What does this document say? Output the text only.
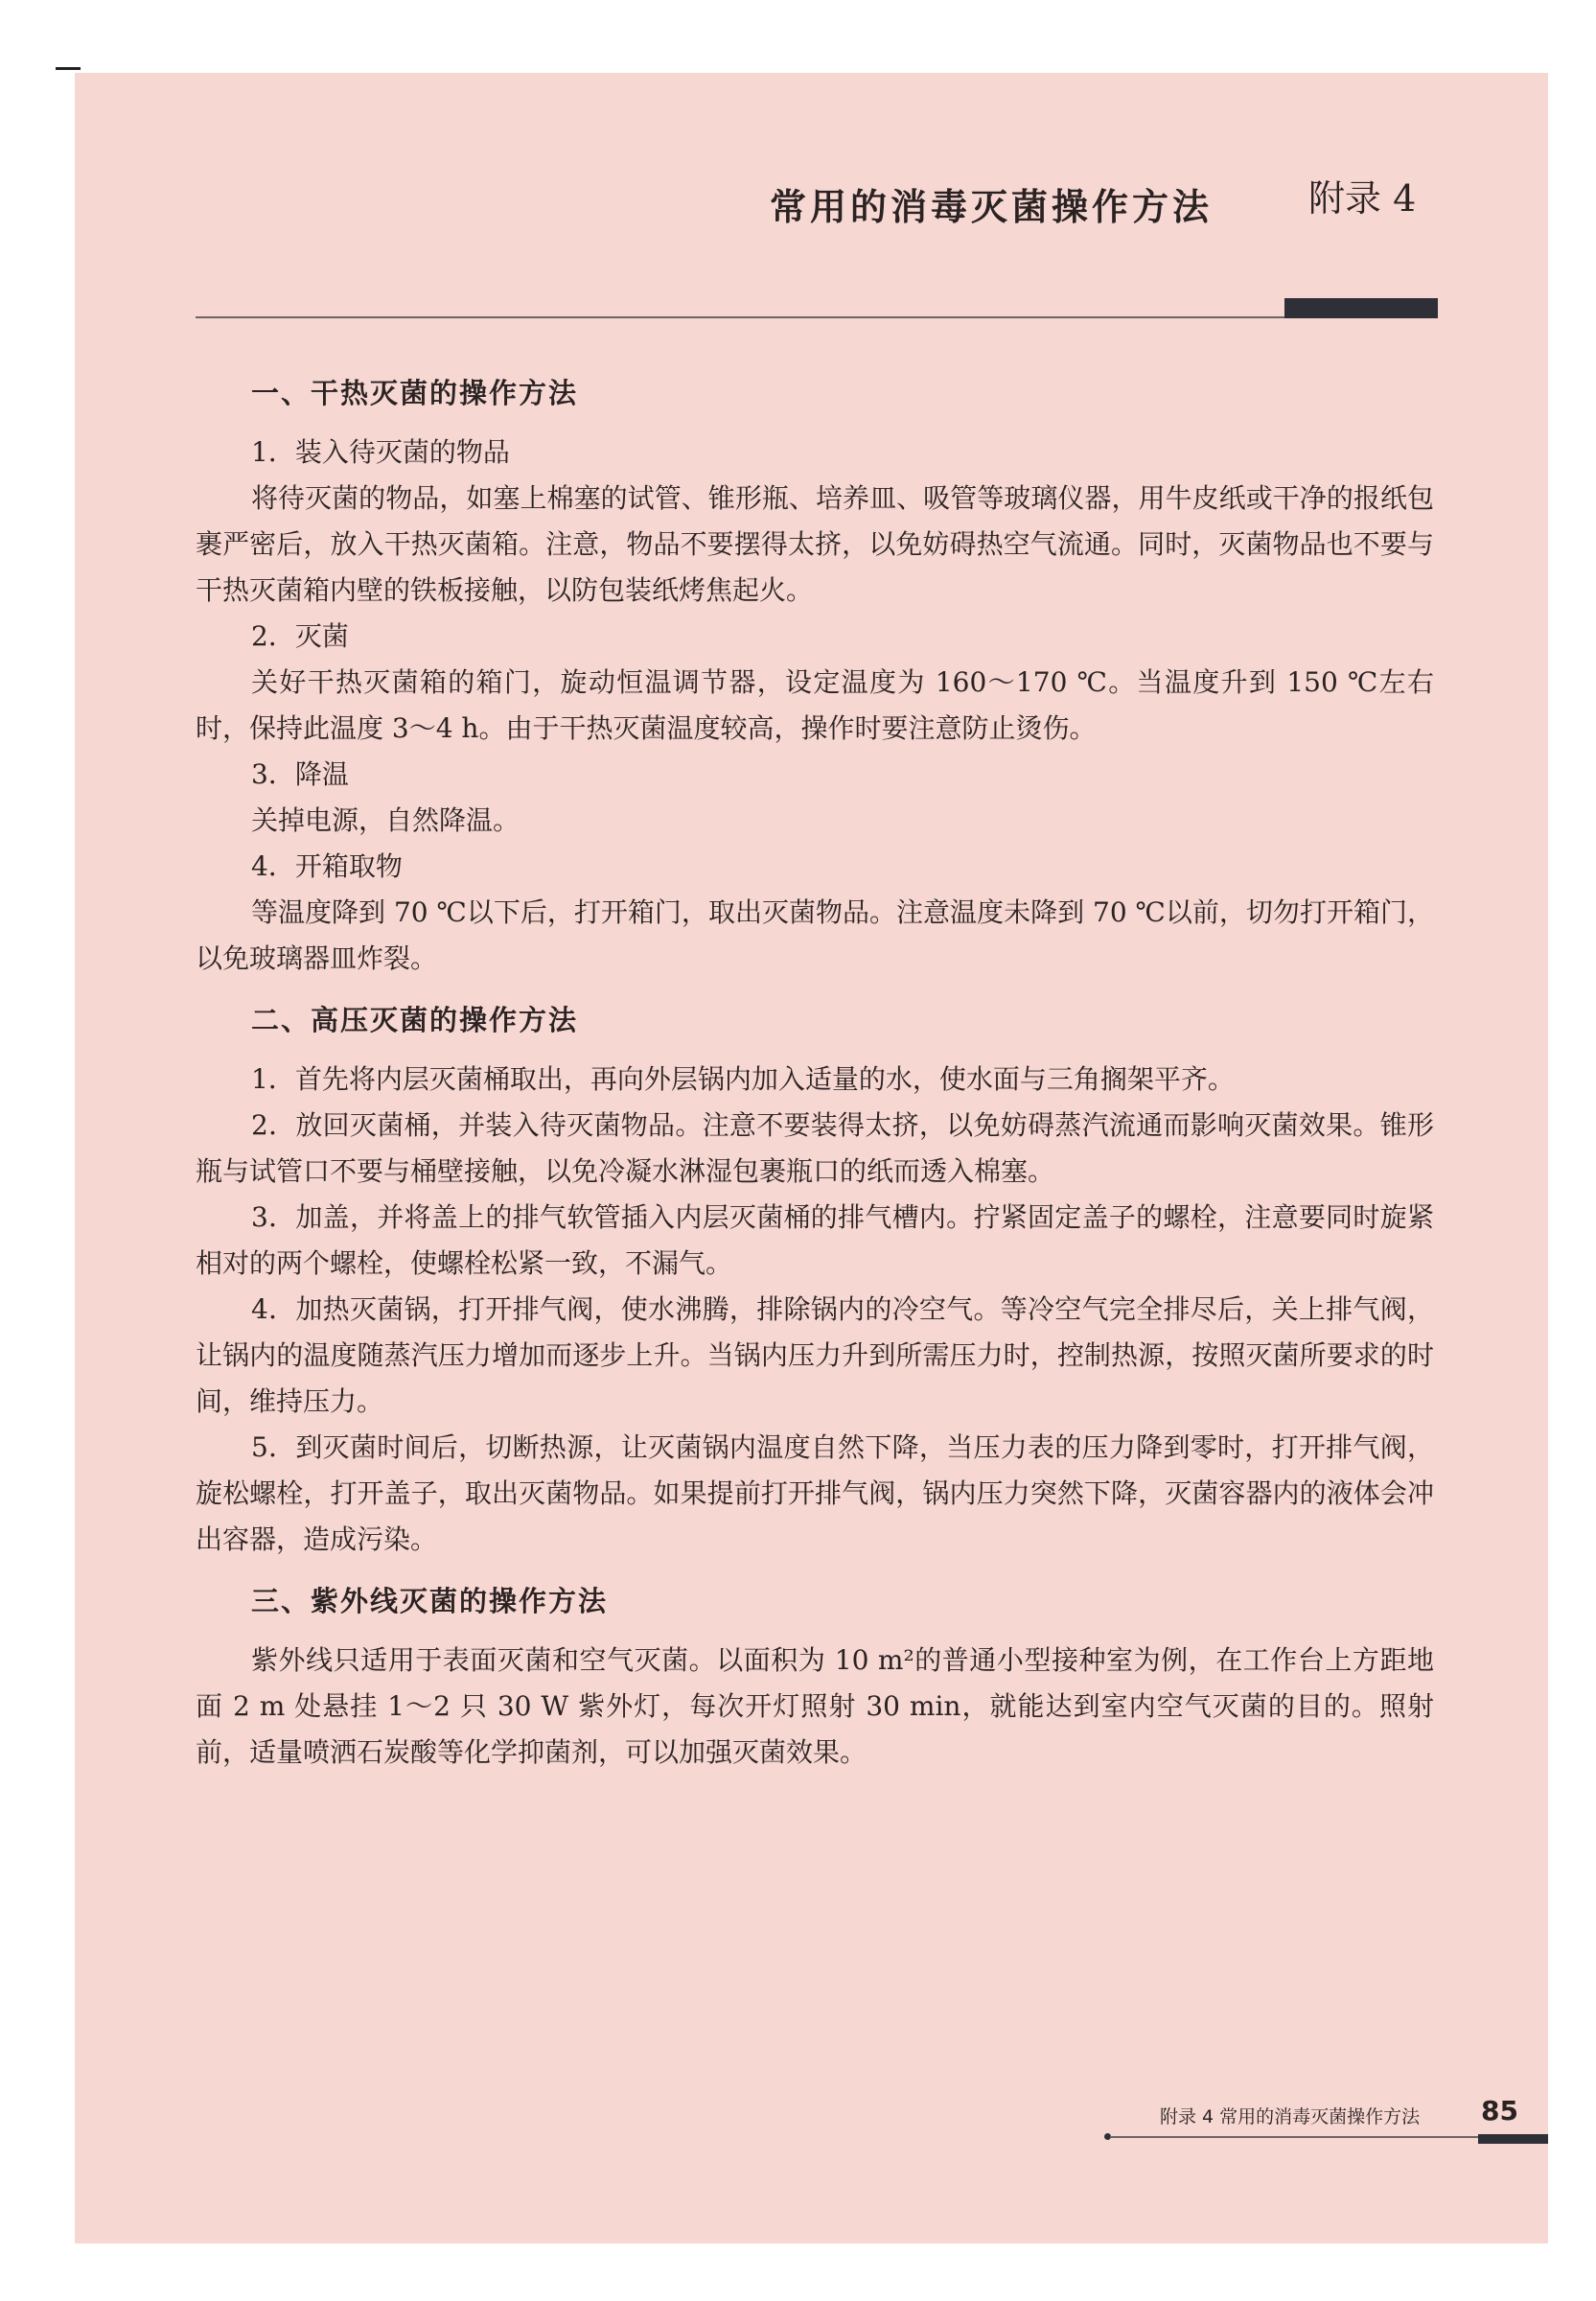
常用的消毒灭菌操作方法	附录 4
一、干热灭菌的操作方法

1．装入待灭菌的物品

将待灭菌的物品，如塞上棉塞的试管、锥形瓶、培养皿、吸管等玻璃仪器，用牛皮纸或干净的报纸包裹严密后，放入干热灭菌箱。注意，物品不要摆得太挤，以免妨碍热空气流通。同时，灭菌物品也不要与干热灭菌箱内壁的铁板接触，以防包装纸烤焦起火。

2．灭菌

关好干热灭菌箱的箱门，旋动恒温调节器，设定温度为 160～170 ℃。当温度升到 150 ℃左右时，保持此温度 3～4 h。由于干热灭菌温度较高，操作时要注意防止烫伤。

3．降温

关掉电源，自然降温。

4．开箱取物

等温度降到 70 ℃以下后，打开箱门，取出灭菌物品。注意温度未降到 70 ℃以前，切勿打开箱门，以免玻璃器皿炸裂。

二、高压灭菌的操作方法

1．首先将内层灭菌桶取出，再向外层锅内加入适量的水，使水面与三角搁架平齐。

2．放回灭菌桶，并装入待灭菌物品。注意不要装得太挤，以免妨碍蒸汽流通而影响灭菌效果。锥形瓶与试管口不要与桶壁接触，以免冷凝水淋湿包裹瓶口的纸而透入棉塞。

3．加盖，并将盖上的排气软管插入内层灭菌桶的排气槽内。拧紧固定盖子的螺栓，注意要同时旋紧相对的两个螺栓，使螺栓松紧一致，不漏气。

4．加热灭菌锅，打开排气阀，使水沸腾，排除锅内的冷空气。等冷空气完全排尽后，关上排气阀，让锅内的温度随蒸汽压力增加而逐步上升。当锅内压力升到所需压力时，控制热源，按照灭菌所要求的时间，维持压力。

5．到灭菌时间后，切断热源，让灭菌锅内温度自然下降，当压力表的压力降到零时，打开排气阀，旋松螺栓，打开盖子，取出灭菌物品。如果提前打开排气阀，锅内压力突然下降，灭菌容器内的液体会冲出容器，造成污染。

三、紫外线灭菌的操作方法

紫外线只适用于表面灭菌和空气灭菌。以面积为 10 m²的普通小型接种室为例，在工作台上方距地面 2 m 处悬挂 1～2 只 30 W 紫外灯，每次开灯照射 30 min，就能达到室内空气灭菌的目的。照射前，适量喷洒石炭酸等化学抑菌剂，可以加强灭菌效果。

附录 4 常用的消毒灭菌操作方法 85
